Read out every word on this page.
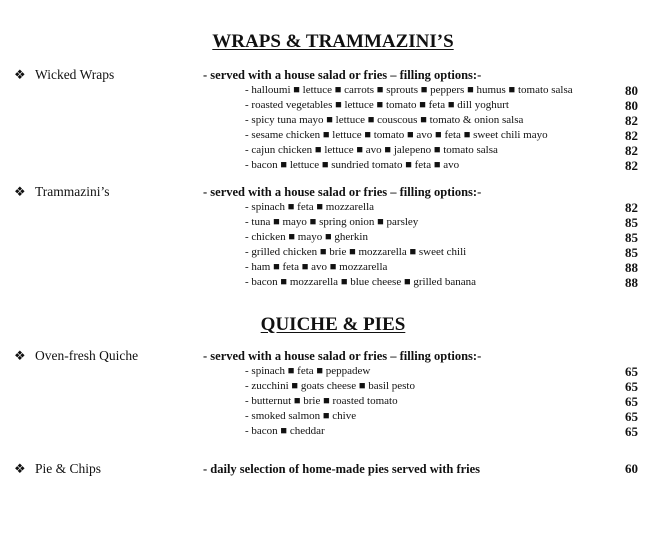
WRAPS & TRAMMAZINI’S
QUICHE & PIES
❖ Wicked Wraps	- served with a house salad or fries – filling options:-
- halloumi ■ lettuce ■ carrots ■ sprouts ■ peppers ■ humus ■ tomato salsa	80
- roasted vegetables ■ lettuce ■ tomato ■ feta ■ dill yoghurt	80
- spicy tuna mayo ■ lettuce ■ couscous ■ tomato & onion salsa	82
- sesame chicken ■ lettuce ■ tomato ■ avo ■ feta ■ sweet chili mayo	82
- cajun chicken ■ lettuce ■ avo ■ jalepeno ■ tomato salsa	82
- bacon ■ lettuce ■ sundried tomato ■ feta ■ avo	82
❖ Trammazini’s	- served with a house salad or fries – filling options:-
- spinach ■ feta ■ mozzarella	82
- tuna ■ mayo ■ spring onion ■ parsley	85
- chicken ■ mayo ■ gherkin	85
- grilled chicken ■ brie ■ mozzarella ■ sweet chili	85
- ham ■ feta ■ avo ■ mozzarella	88
- bacon ■ mozzarella ■ blue cheese ■ grilled banana	88
❖ Oven-fresh Quiche	- served with a house salad or fries – filling options:-
- spinach ■ feta ■ peppadew	65
- zucchini ■ goats cheese ■ basil pesto	65
- butternut ■ brie ■ roasted tomato	65
- smoked salmon ■ chive	65
- bacon ■ cheddar	65
❖ Pie & Chips	- daily selection of home-made pies served with fries	60
